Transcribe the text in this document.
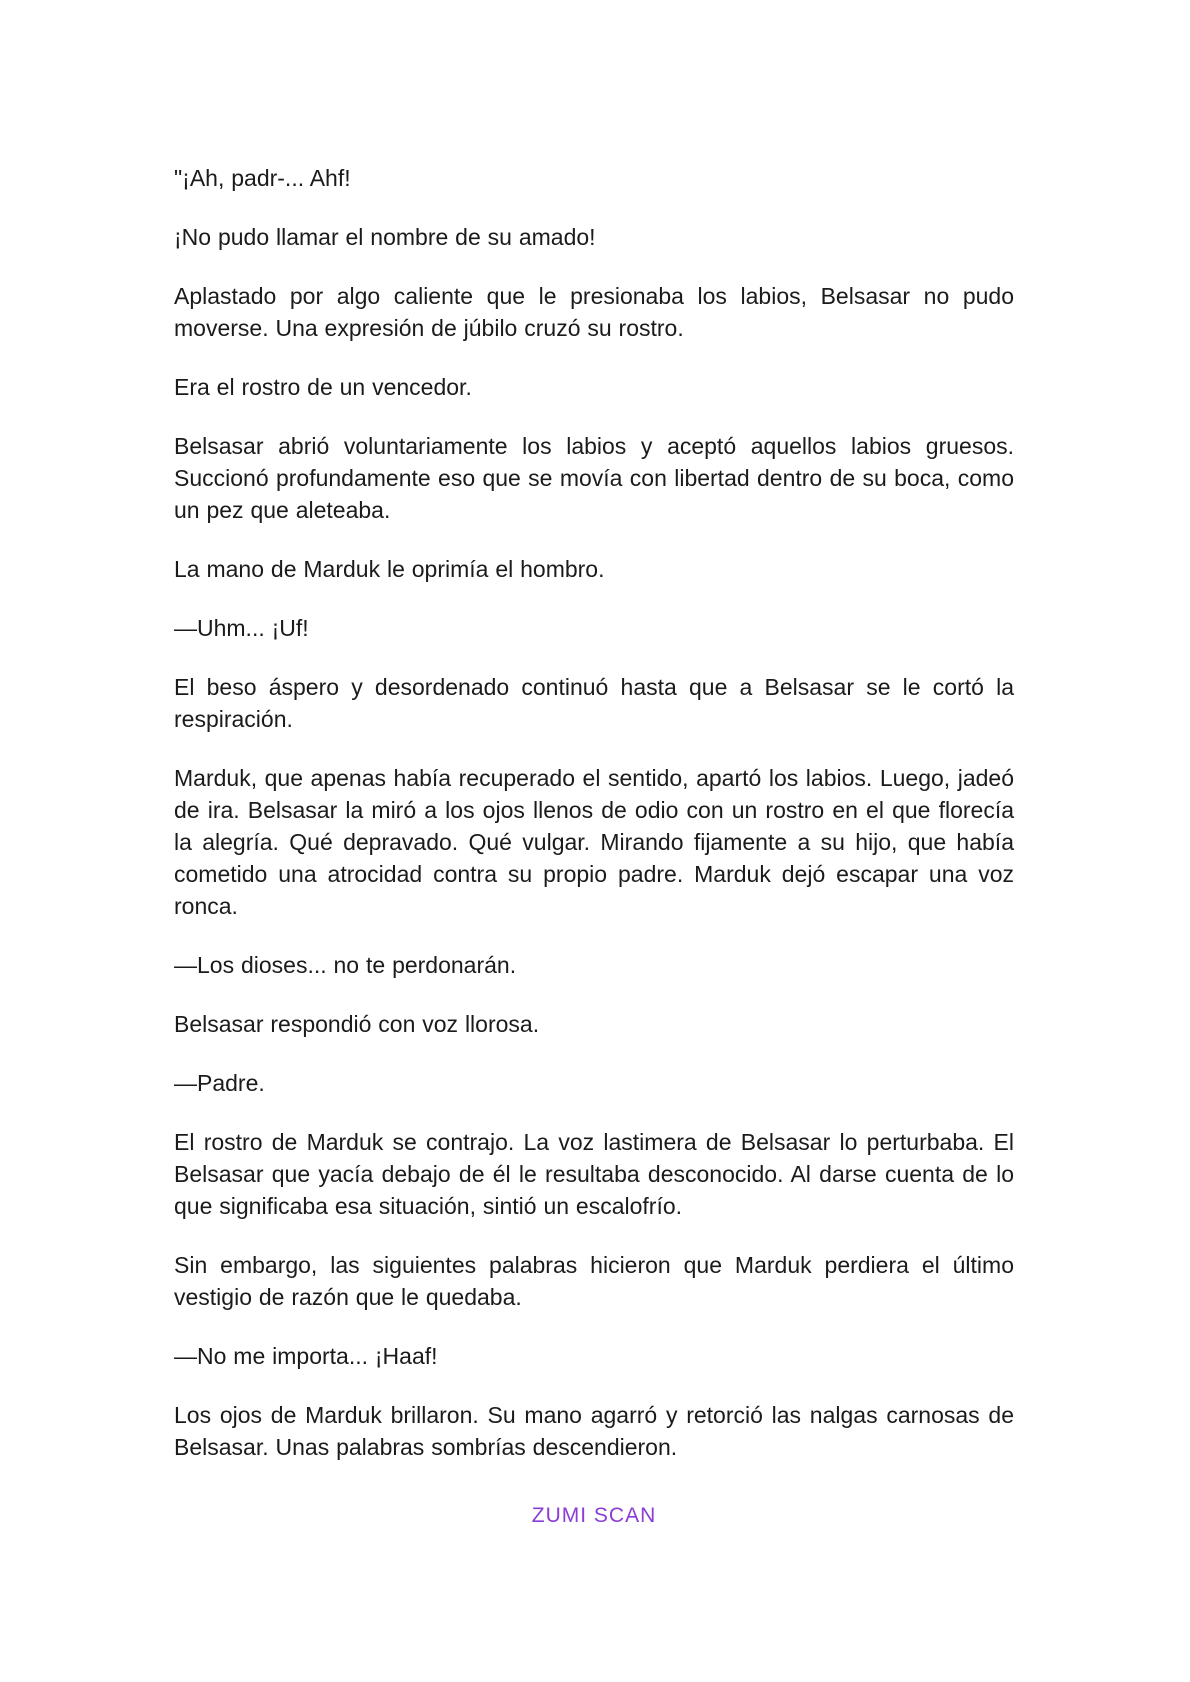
"¡Ah, padr-... Ahf!

¡No pudo llamar el nombre de su amado!

Aplastado por algo caliente que le presionaba los labios, Belsasar no pudo moverse. Una expresión de júbilo cruzó su rostro.

Era el rostro de un vencedor.

Belsasar abrió voluntariamente los labios y aceptó aquellos labios gruesos. Succionó profundamente eso que se movía con libertad dentro de su boca, como un pez que aleteaba.

La mano de Marduk le oprimía el hombro.

—Uhm... ¡Uf!

El beso áspero y desordenado continuó hasta que a Belsasar se le cortó la respiración.

Marduk, que apenas había recuperado el sentido, apartó los labios. Luego, jadeó de ira. Belsasar la miró a los ojos llenos de odio con un rostro en el que florecía la alegría. Qué depravado. Qué vulgar. Mirando fijamente a su hijo, que había cometido una atrocidad contra su propio padre. Marduk dejó escapar una voz ronca.

—Los dioses... no te perdonarán.

Belsasar respondió con voz llorosa.

—Padre.

El rostro de Marduk se contrajo. La voz lastimera de Belsasar lo perturbaba. El Belsasar que yacía debajo de él le resultaba desconocido. Al darse cuenta de lo que significaba esa situación, sintió un escalofrío.

Sin embargo, las siguientes palabras hicieron que Marduk perdiera el último vestigio de razón que le quedaba.

—No me importa... ¡Haaf!

Los ojos de Marduk brillaron. Su mano agarró y retorció las nalgas carnosas de Belsasar. Unas palabras sombrías descendieron.

ZUMI SCAN
